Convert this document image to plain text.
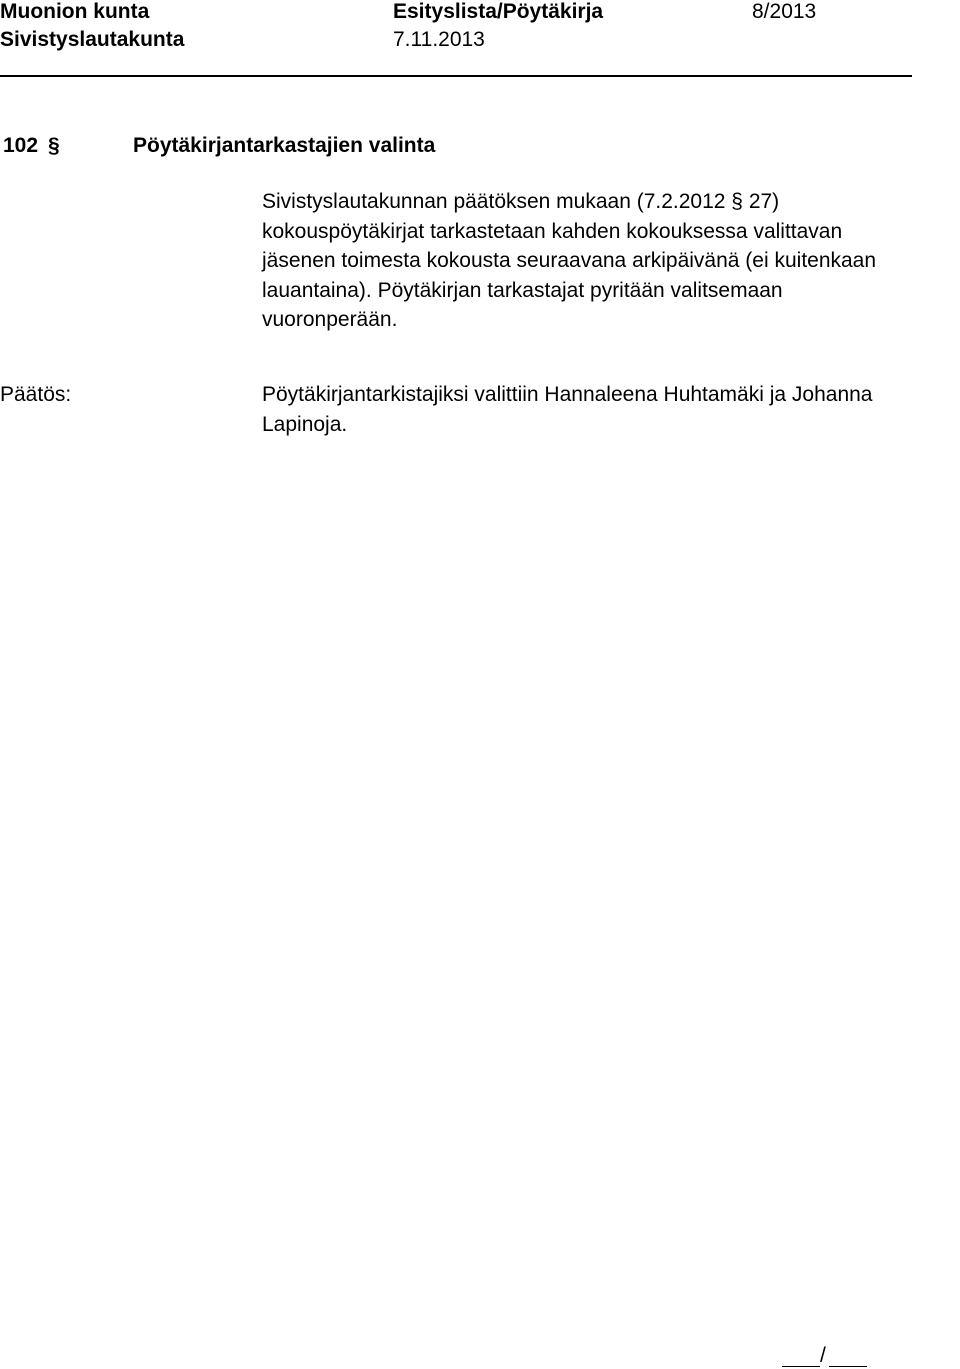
Muonion kunta	Esityslista/Pöytäkirja	8/2013
Sivistyslautakunta	7.11.2013
102 §	Pöytäkirjantarkastajien valinta
Sivistyslautakunnan päätöksen mukaan (7.2.2012 § 27)
kokouspöytäkirjat tarkastetaan kahden kokouksessa valittavan
jäsenen toimesta kokousta seuraavana arkipäivänä (ei kuitenkaan
lauantaina). Pöytäkirjan tarkastajat pyritään valitsemaan
vuoronperään.
Päätös:	Pöytäkirjantarkistajiksi valittiin Hannaleena Huhtamäki ja Johanna
Lapinoja.
/
